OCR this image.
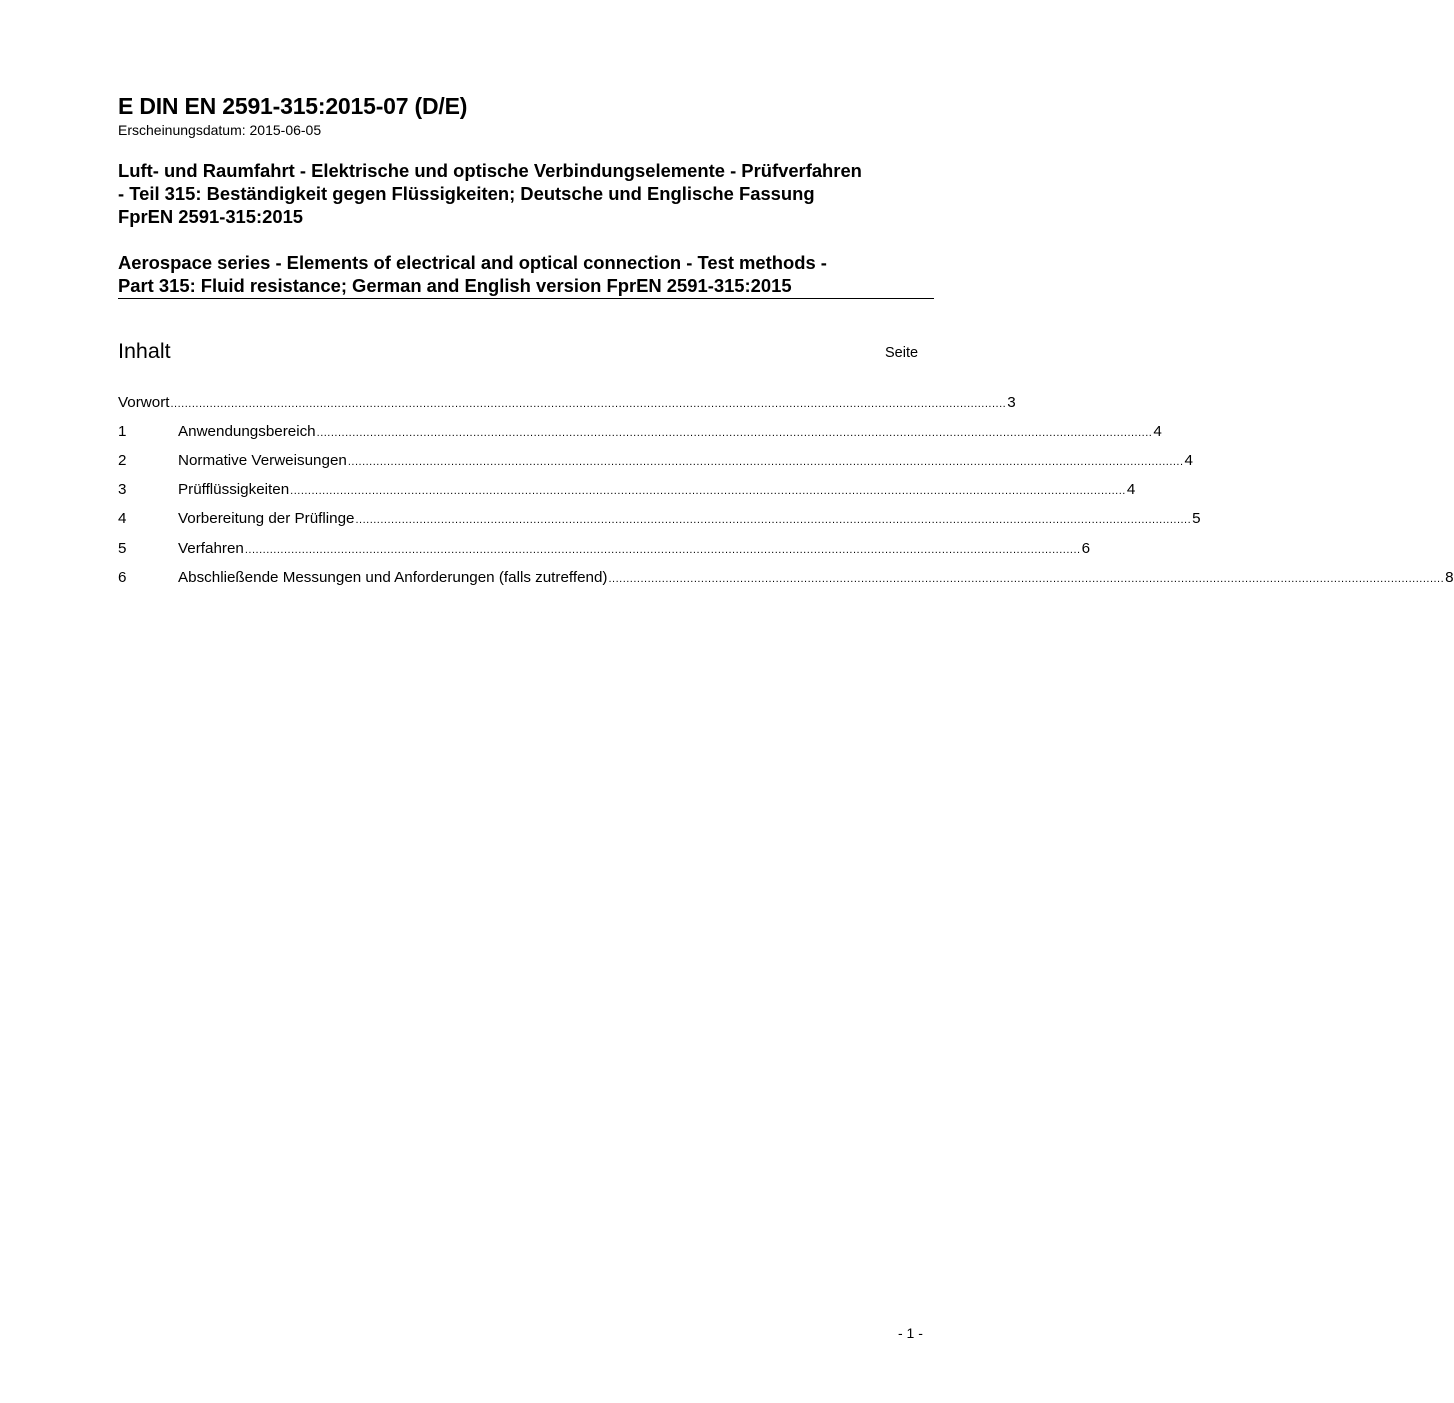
E DIN EN 2591-315:2015-07 (D/E)
Erscheinungsdatum: 2015-06-05
Luft- und Raumfahrt - Elektrische und optische Verbindungselemente - Prüfverfahren
- Teil 315: Beständigkeit gegen Flüssigkeiten; Deutsche und Englische Fassung
FprEN 2591-315:2015
Aerospace series - Elements of electrical and optical connection - Test methods -
Part 315: Fluid resistance; German and English version FprEN 2591-315:2015
Inhalt	Seite
Vorwort ........................................................................................................................................................................................................................................... 3
1	Anwendungsbereich ........................................................................................................................................................................................................................................... 4
2	Normative Verweisungen ........................................................................................................................................................................................................................................... 4
3	Prüfflüssigkeiten ........................................................................................................................................................................................................................................... 4
4	Vorbereitung der Prüflinge ........................................................................................................................................................................................................................................... 5
5	Verfahren ........................................................................................................................................................................................................................................... 6
6	Abschließende Messungen und Anforderungen (falls zutreffend) ........................................................................................................................................................................................................................................... 8
- 1 -
